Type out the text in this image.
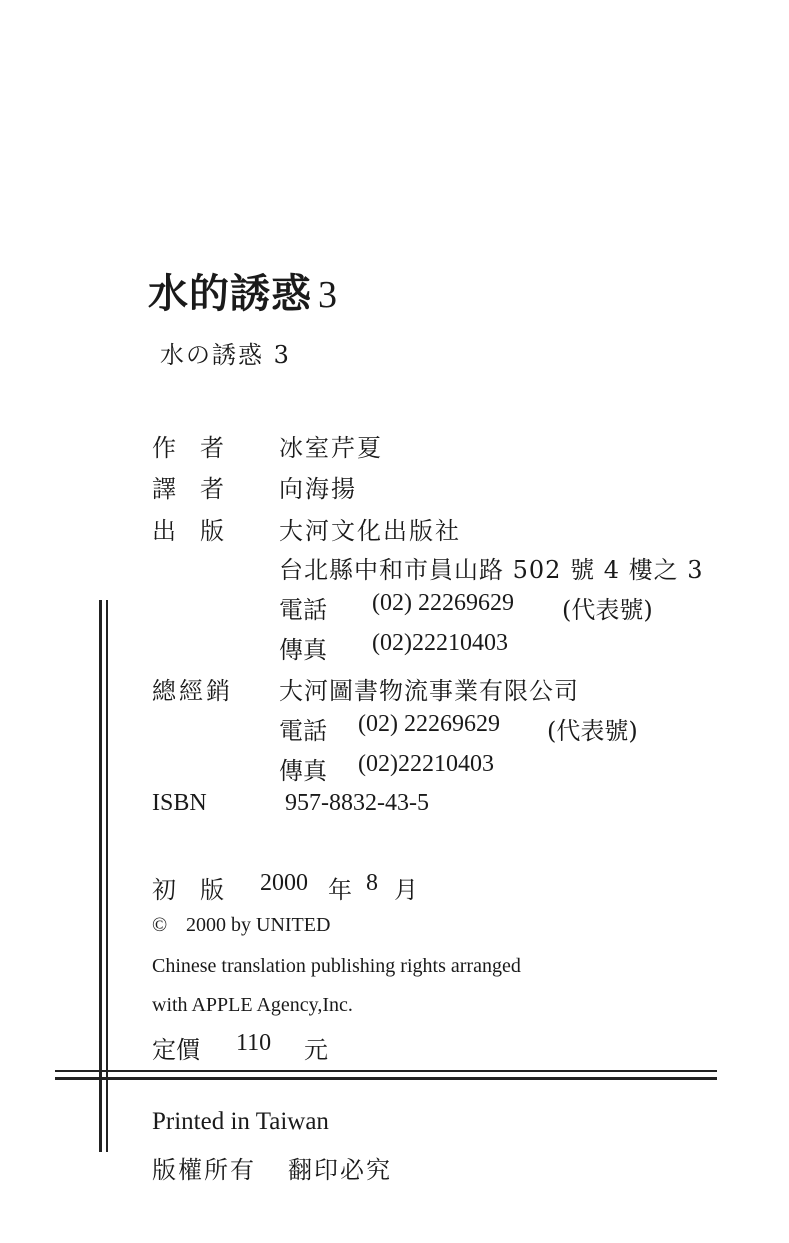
水的誘惑 3
水の誘惑 3
作　者 冰室芹夏
譯　者 向海揚
出　版 大河文化出版社
台北縣中和市員山路 502 號 4 樓之 3
電話 (02) 22269629 (代表號)
傳真 (02)22210403
總經銷 大河圖書物流事業有限公司
電話 (02) 22269629 (代表號)
傳真 (02)22210403
ISBN	957-8832-43-5
初　版 2000 年 8 月
© 2000 by UNITED
Chinese translation publishing rights arranged
with APPLE Agency,Inc.
定價 110 元
Printed in Taiwan
版權所有 翻印必究
